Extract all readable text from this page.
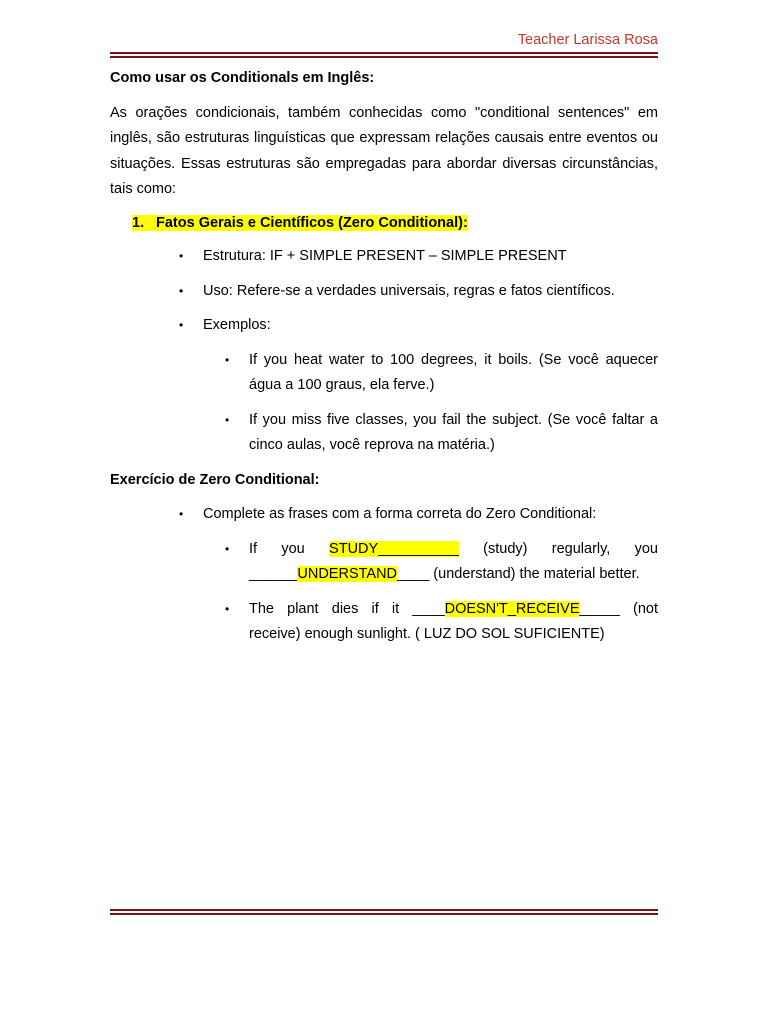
Teacher Larissa Rosa

Como usar os Conditionals em Inglês:

As orações condicionais, também conhecidas como "conditional sentences" em inglês, são estruturas linguísticas que expressam relações causais entre eventos ou situações. Essas estruturas são empregadas para abordar diversas circunstâncias, tais como:

1. Fatos Gerais e Científicos (Zero Conditional):

• Estrutura: IF + SIMPLE PRESENT – SIMPLE PRESENT
• Uso: Refere-se a verdades universais, regras e fatos científicos.
• Exemplos:
• If you heat water to 100 degrees, it boils. (Se você aquecer água a 100 graus, ela ferve.)
• If you miss five classes, you fail the subject. (Se você faltar a cinco aulas, você reprova na matéria.)

Exercício de Zero Conditional:

• Complete as frases com a forma correta do Zero Conditional:
• If you STUDY__________ (study) regularly, you ______UNDERSTAND____ (understand) the material better.
• The plant dies if it ____DOESN'T_RECEIVE_____ (not receive) enough sunlight. ( LUZ DO SOL SUFICIENTE)
